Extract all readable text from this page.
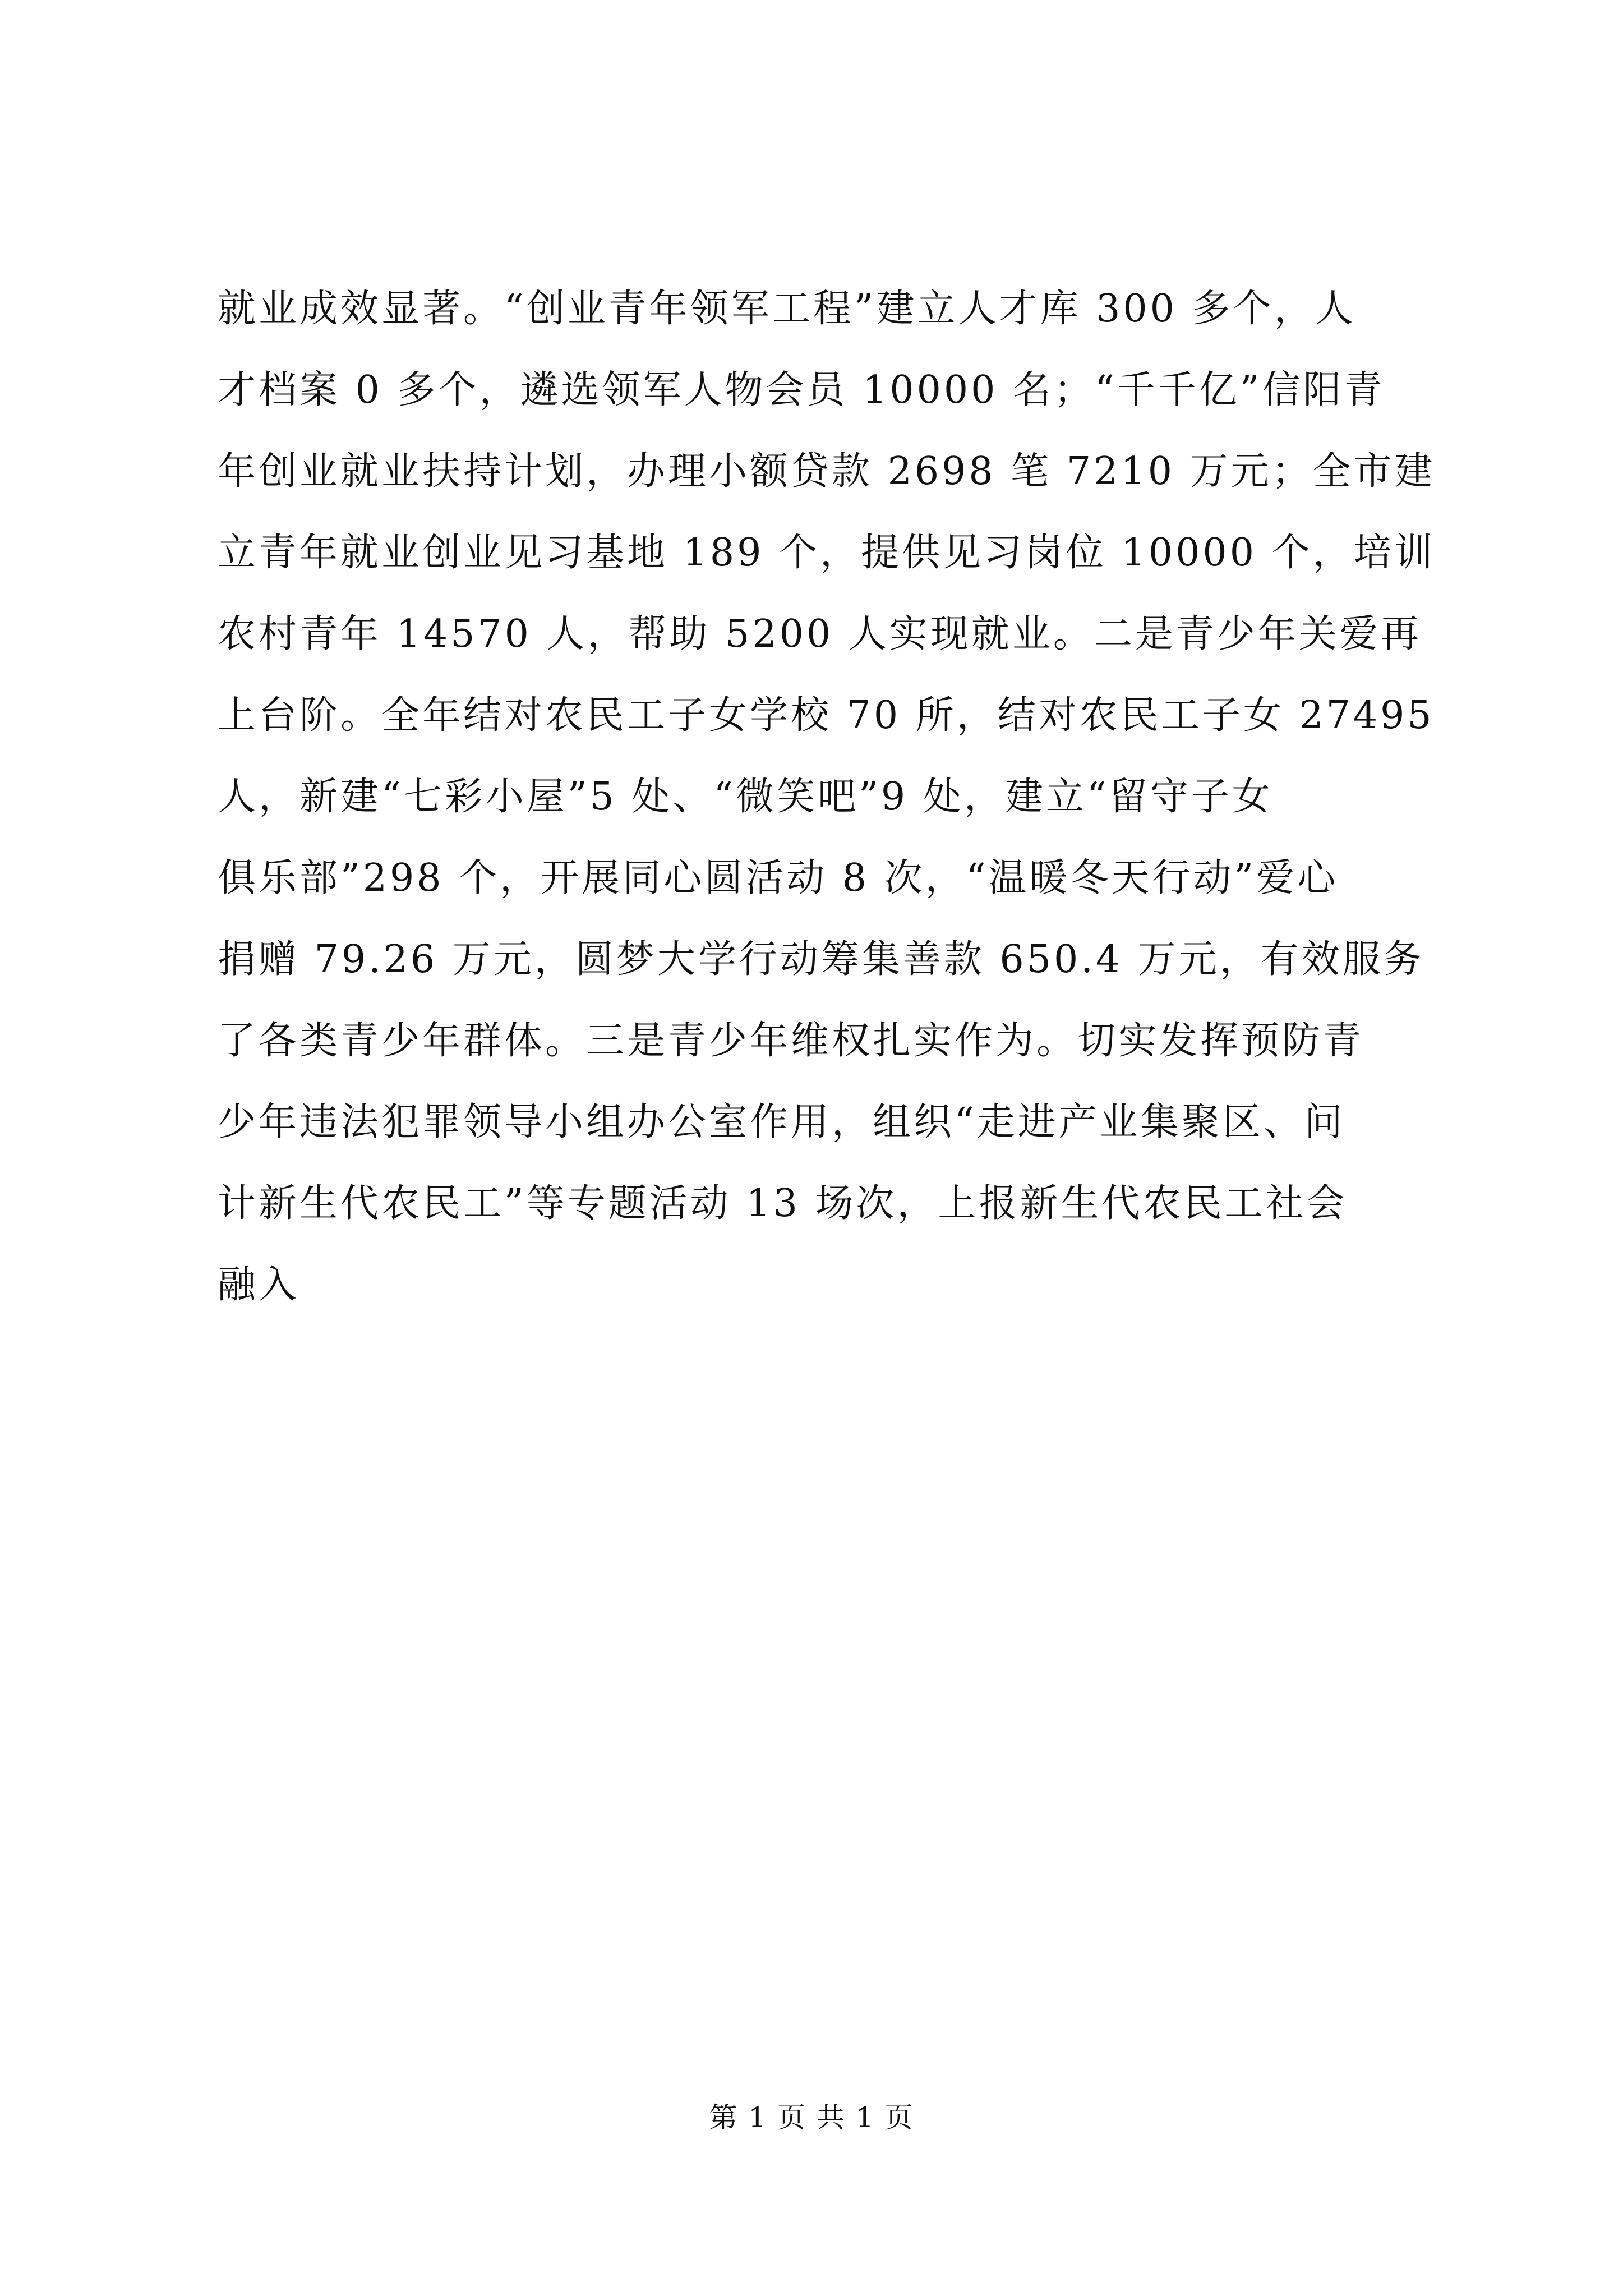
就业成效显著。“创业青年领军工程”建立人才库 300 多个，人
才档案 0 多个，遴选领军人物会员 10000 名；“千千亿”信阳青
年创业就业扶持计划，办理小额贷款 2698 笔 7210 万元；全市建
立青年就业创业见习基地 189 个，提供见习岗位 10000 个，培训
农村青年 14570 人，帮助 5200 人实现就业。二是青少年关爱再
上台阶。全年结对农民工子女学校 70 所，结对农民工子女 27495
人，新建“七彩小屋”5 处、“微笑吧”9 处，建立“留守子女
俱乐部”298 个，开展同心圆活动 8 次，“温暖冬天行动”爱心
捐赠 79.26 万元，圆梦大学行动筹集善款 650.4 万元，有效服务
了各类青少年群体。三是青少年维权扎实作为。切实发挥预防青
少年违法犯罪领导小组办公室作用，组织“走进产业集聚区、问
计新生代农民工”等专题活动 13 场次，上报新生代农民工社会
融入
第 1 页 共 1 页
